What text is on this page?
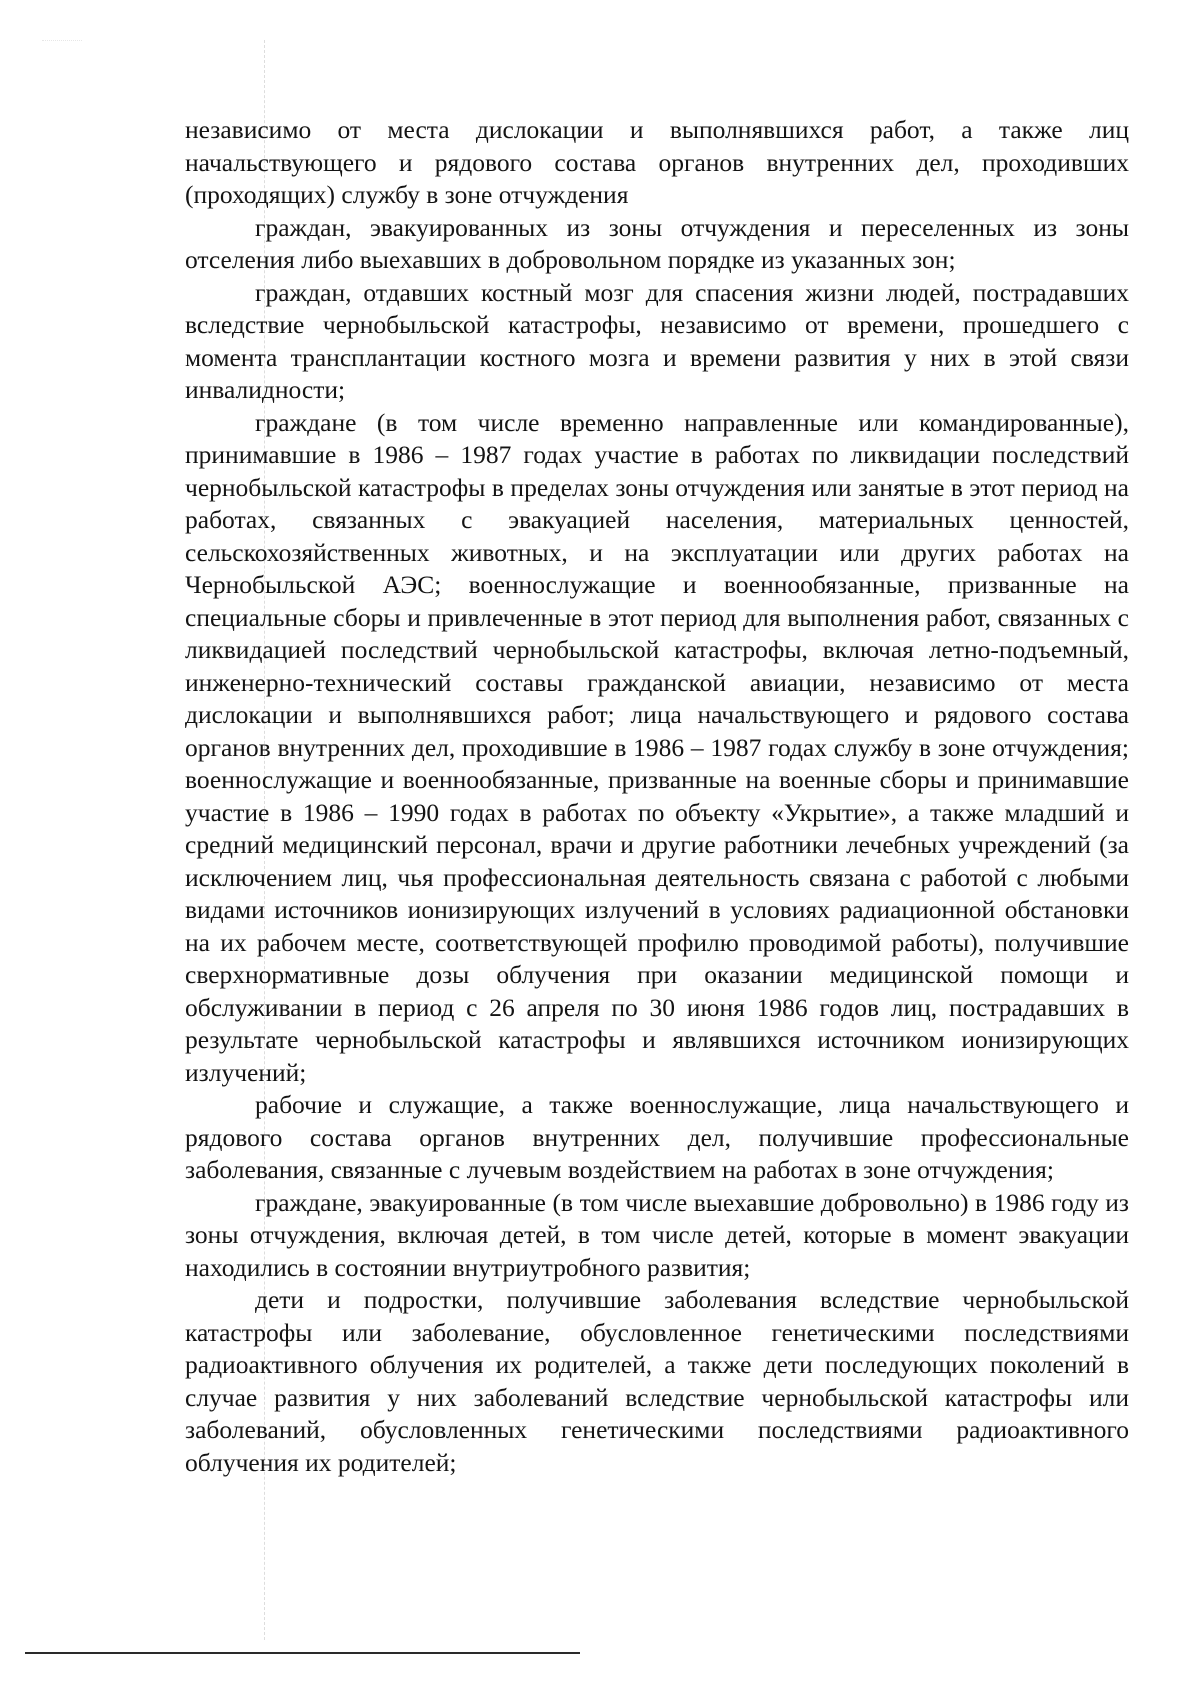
независимо от места дислокации и выполнявшихся работ, а также лиц начальствующего и рядового состава органов внутренних дел, проходивших (проходящих) службу в зоне отчуждения

граждан, эвакуированных из зоны отчуждения и переселенных из зоны отселения либо выехавших в добровольном порядке из указанных зон;

граждан, отдавших костный мозг для спасения жизни людей, пострадавших вследствие чернобыльской катастрофы, независимо от времени, прошедшего с момента трансплантации костного мозга и времени развития у них в этой связи инвалидности;

граждане (в том числе временно направленные или командированные), принимавшие в 1986 – 1987 годах участие в работах по ликвидации последствий чернобыльской катастрофы в пределах зоны отчуждения или занятые в этот период на работах, связанных с эвакуацией населения, материальных ценностей, сельскохозяйственных животных, и на эксплуатации или других работах на Чернобыльской АЭС; военнослужащие и военнообязанные, призванные на специальные сборы и привлеченные в этот период для выполнения работ, связанных с ликвидацией последствий чернобыльской катастрофы, включая летно-подъемный, инженерно-технический составы гражданской авиации, независимо от места дислокации и выполнявшихся работ; лица начальствующего и рядового состава органов внутренних дел, проходившие в 1986 – 1987 годах службу в зоне отчуждения; военнослужащие и военнообязанные, призванные на военные сборы и принимавшие участие в 1986 – 1990 годах в работах по объекту «Укрытие», а также младший и средний медицинский персонал, врачи и другие работники лечебных учреждений (за исключением лиц, чья профессиональная деятельность связана с работой с любыми видами источников ионизирующих излучений в условиях радиационной обстановки на их рабочем месте, соответствующей профилю проводимой работы), получившие сверхнормативные дозы облучения при оказании медицинской помощи и обслуживании в период с 26 апреля по 30 июня 1986 годов лиц, пострадавших в результате чернобыльской катастрофы и являвшихся источником ионизирующих излучений;

рабочие и служащие, а также военнослужащие, лица начальствующего и рядового состава органов внутренних дел, получившие профессиональные заболевания, связанные с лучевым воздействием на работах в зоне отчуждения;

граждане, эвакуированные (в том числе выехавшие добровольно) в 1986 году из зоны отчуждения, включая детей, в том числе детей, которые в момент эвакуации находились в состоянии внутриутробного развития;

дети и подростки, получившие заболевания вследствие чернобыльской катастрофы или заболевание, обусловленное генетическими последствиями радиоактивного облучения их родителей, а также дети последующих поколений в случае развития у них заболеваний вследствие чернобыльской катастрофы или заболеваний, обусловленных генетическими последствиями радиоактивного облучения их родителей;
